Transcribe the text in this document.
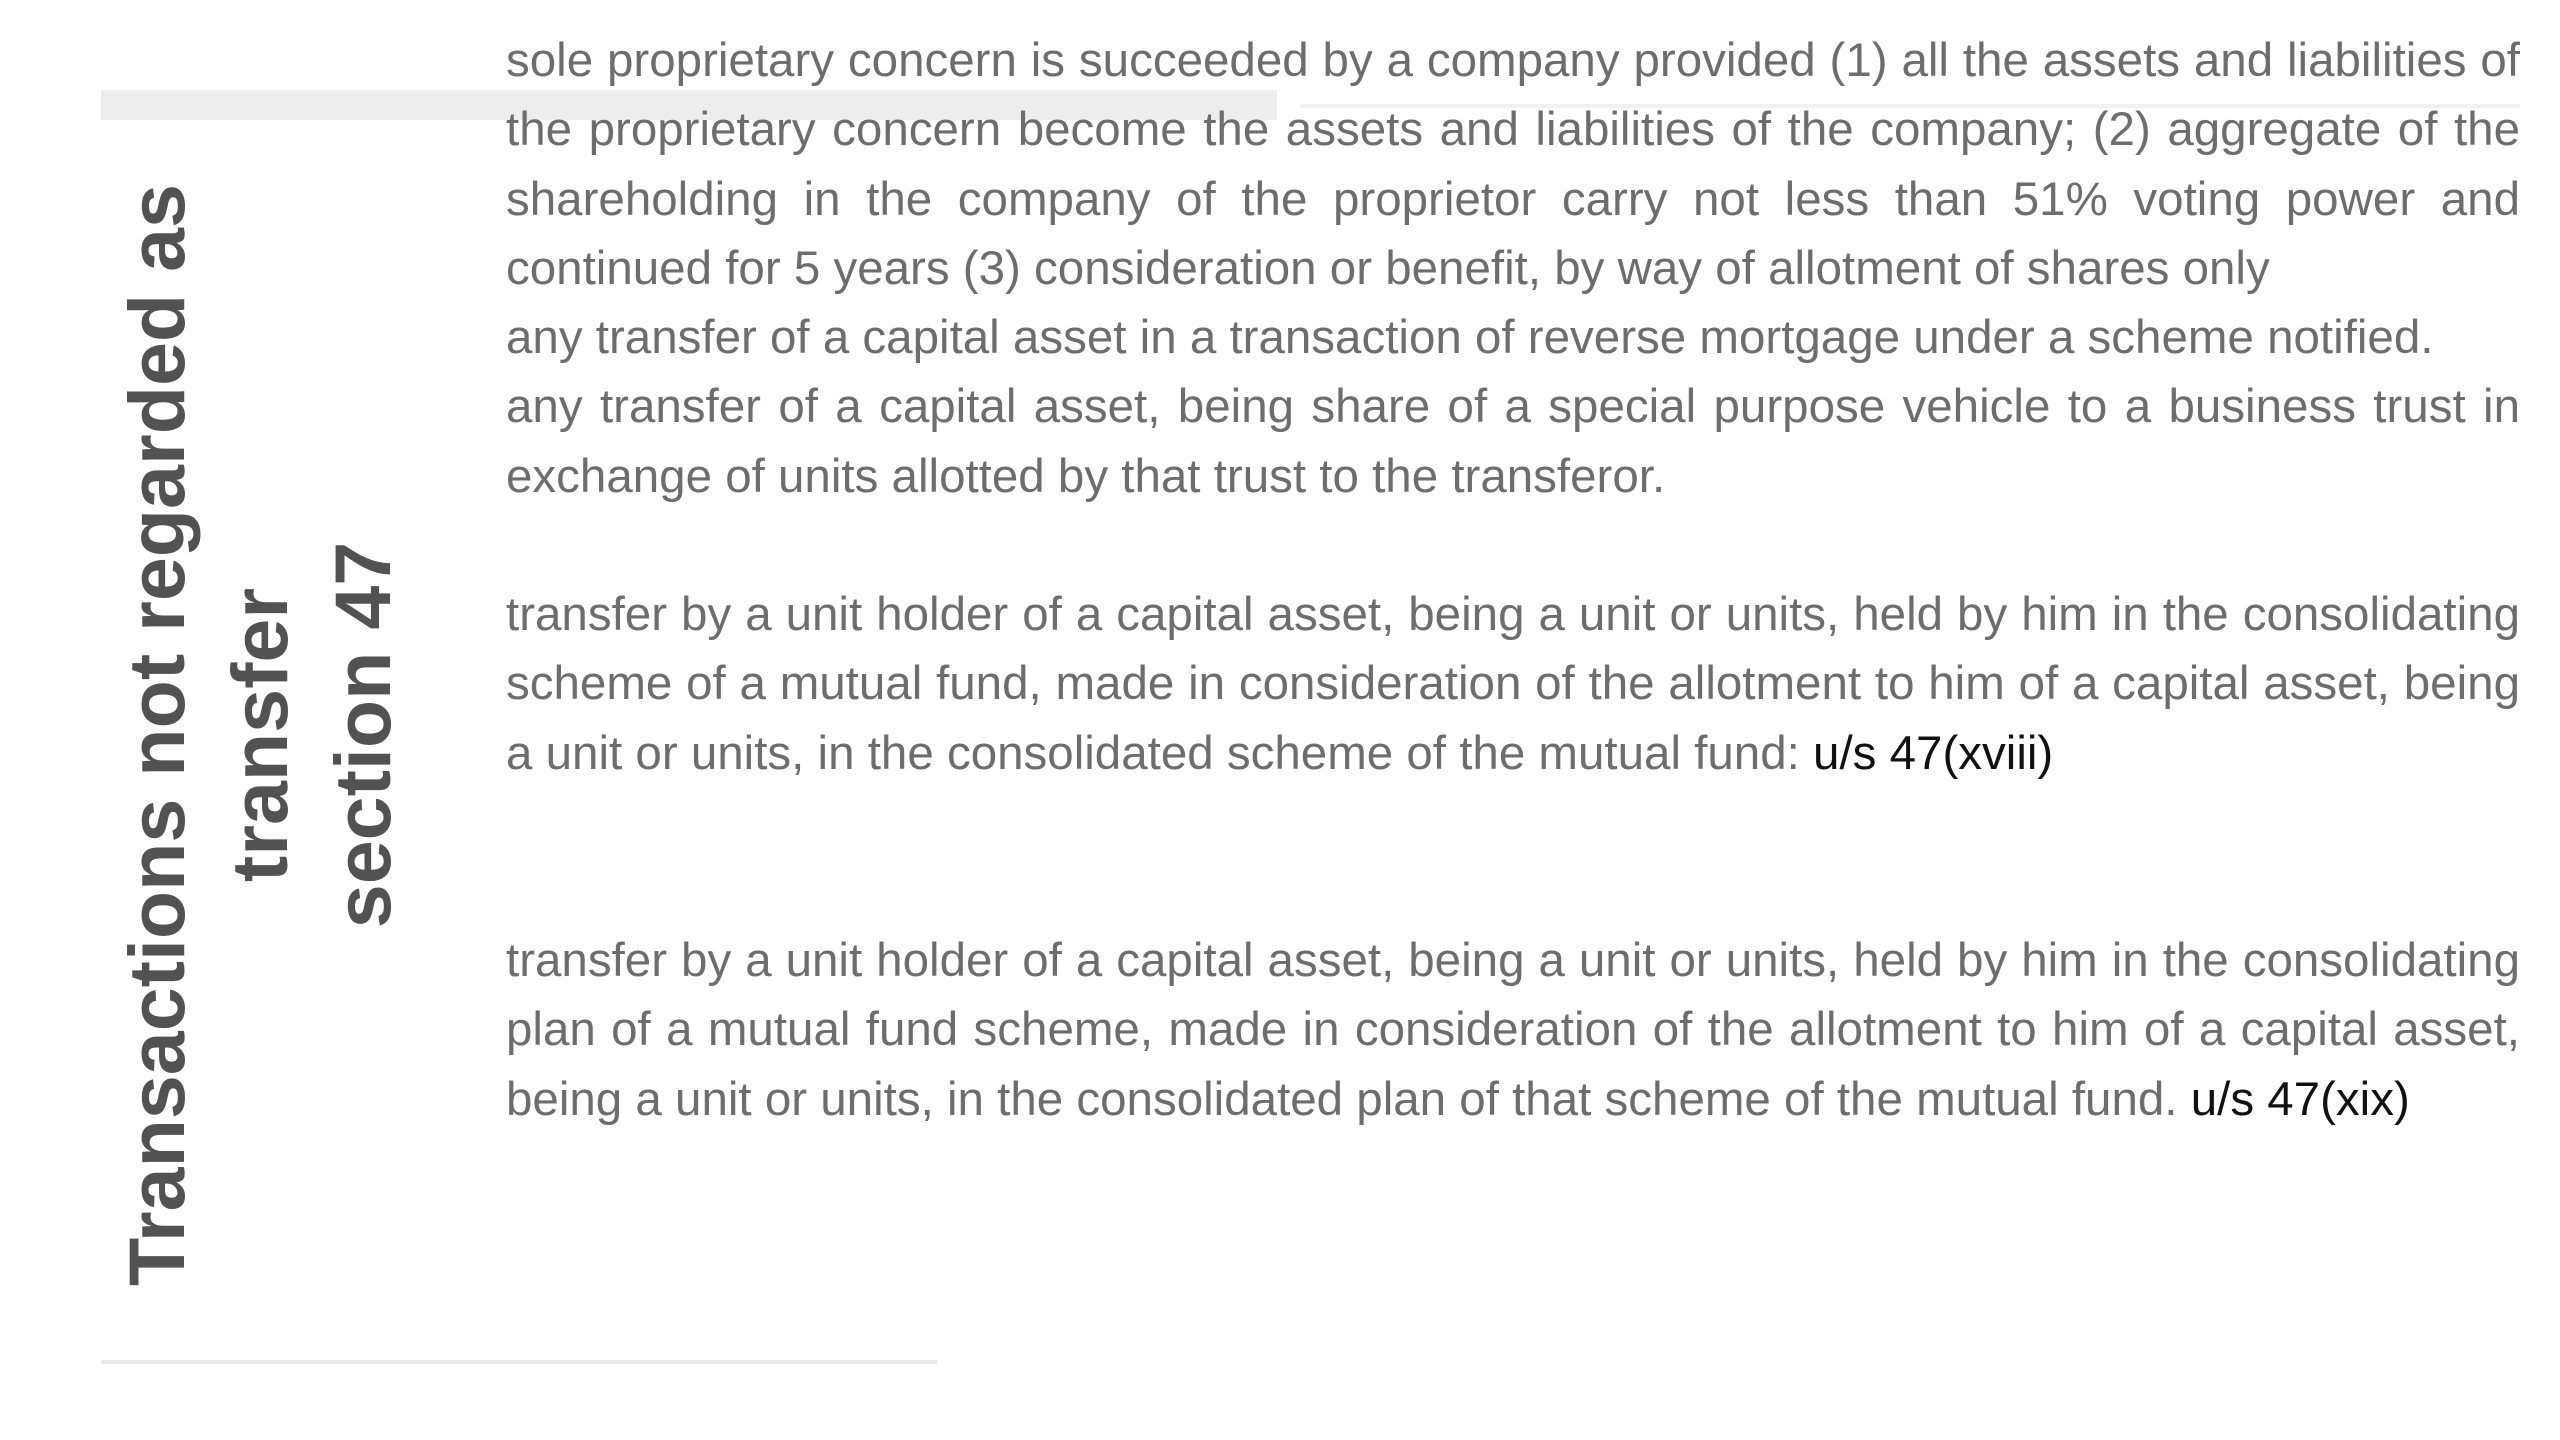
Transactions not regarded as transfer section 47

sole proprietary concern is succeeded by a company provided (1) all the assets and liabilities of the proprietary concern become the assets and liabilities of the company; (2) aggregate of the shareholding in the company of the proprietor carry not less than 51% voting power and continued for 5 years (3) consideration or benefit, by way of allotment of shares only

any transfer of a capital asset in a transaction of reverse mortgage under a scheme notified.

any transfer of a capital asset, being share of a special purpose vehicle to a business trust in exchange of units allotted by that trust to the transferor.

transfer by a unit holder of a capital asset, being a unit or units, held by him in the consolidating scheme of a mutual fund, made in consideration of the allotment to him of a capital asset, being a unit or units, in the consolidated scheme of the mutual fund: u/s 47(xviii)

transfer by a unit holder of a capital asset, being a unit or units, held by him in the consolidating plan of a mutual fund scheme, made in consideration of the allotment to him of a capital asset, being a unit or units, in the consolidated plan of that scheme of the mutual fund. u/s 47(xix)
